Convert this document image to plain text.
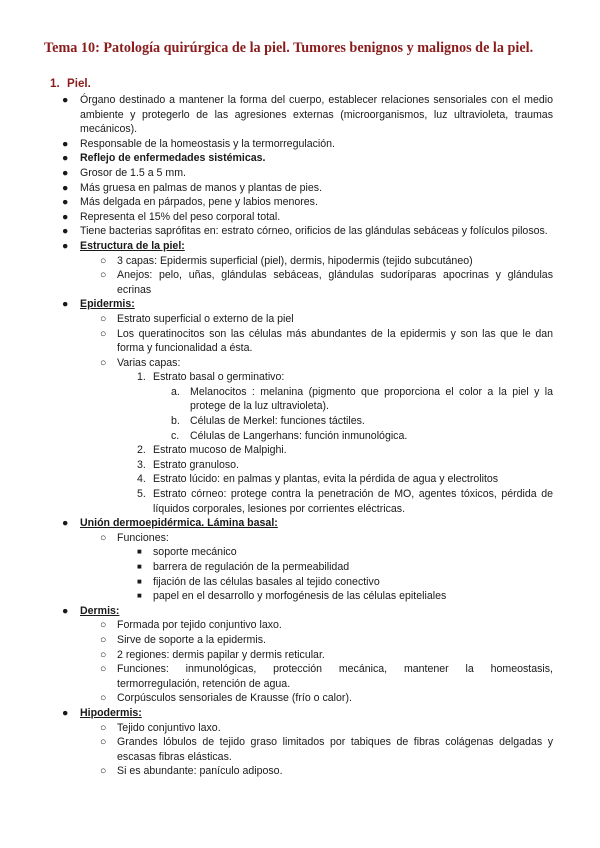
Tema 10: Patología quirúrgica de la piel. Tumores benignos y malignos de la piel.
1. Piel.
● Órgano destinado a mantener la forma del cuerpo, establecer relaciones sensoriales con el medio ambiente y protegerlo de las agresiones externas (microorganismos, luz ultravioleta, traumas mecánicos).
● Responsable de la homeostasis y la termorregulación.
● Reflejo de enfermedades sistémicas.
● Grosor de 1.5 a 5 mm.
● Más gruesa en palmas de manos y plantas de pies.
● Más delgada en párpados, pene y labios menores.
● Representa el 15% del peso corporal total.
● Tiene bacterias saprófitas en: estrato córneo, orificios de las glándulas sebáceas y folículos pilosos.
● Estructura de la piel:
○ 3 capas: Epidermis superficial (piel), dermis, hipodermis (tejido subcutáneo)
○ Anejos: pelo, uñas, glándulas sebáceas, glándulas sudoríparas apocrinas y glándulas ecrinas
● Epidermis:
○ Estrato superficial o externo de la piel
○ Los queratinocitos son las células más abundantes de la epidermis y son las que le dan forma y funcionalidad a ésta.
○ Varias capas:
1. Estrato basal o germinativo:
a. Melanocitos : melanina (pigmento que proporciona el color a la piel y la protege de la luz ultravioleta).
b. Células de Merkel: funciones táctiles.
c. Células de Langerhans: función inmunológica.
2. Estrato mucoso de Malpighi.
3. Estrato granuloso.
4. Estrato lúcido: en palmas y plantas, evita la pérdida de agua y electrolitos
5. Estrato córneo: protege contra la penetración de MO, agentes tóxicos, pérdida de líquidos corporales, lesiones por corrientes eléctricas.
● Unión dermoepidérmica. Lámina basal:
○ Funciones:
■ soporte mecánico
■ barrera de regulación de la permeabilidad
■ fijación de las células basales al tejido conectivo
■ papel en el desarrollo y morfogénesis de las células epiteliales
● Dermis:
○ Formada por tejido conjuntivo laxo.
○ Sirve de soporte a la epidermis.
○ 2 regiones: dermis papilar y dermis reticular.
○ Funciones: inmunológicas, protección mecánica, mantener la homeostasis, termorregulación, retención de agua.
○ Corpúsculos sensoriales de Krausse (frío o calor).
● Hipodermis:
○ Tejido conjuntivo laxo.
○ Grandes lóbulos de tejido graso limitados por tabiques de fibras colágenas delgadas y escasas fibras elásticas.
○ Si es abundante: panículo adiposo.
